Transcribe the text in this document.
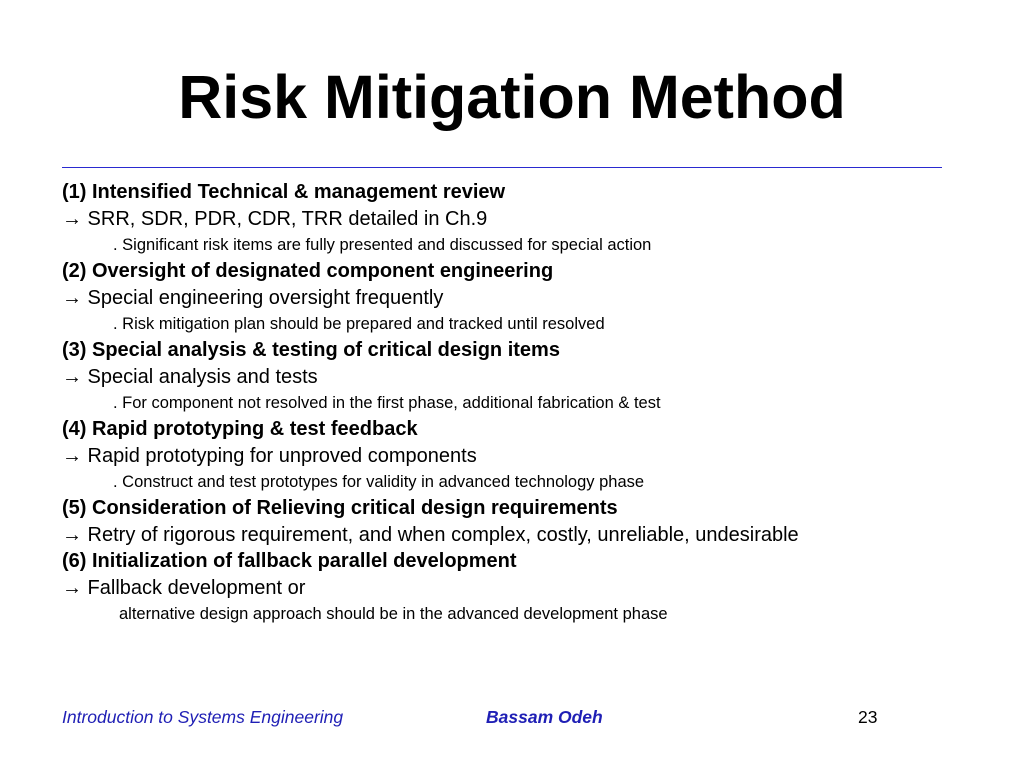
Risk Mitigation Method
(1) Intensified Technical & management review
→ SRR, SDR, PDR, CDR, TRR detailed in Ch.9
. Significant risk items are fully presented and discussed for special action
(2) Oversight of designated component engineering
→ Special engineering oversight frequently
. Risk mitigation plan should be prepared and tracked until resolved
(3) Special analysis & testing of critical design items
→ Special analysis and tests
. For component not resolved in the first phase, additional fabrication & test
(4) Rapid prototyping & test feedback
→ Rapid prototyping for unproved components
. Construct and test prototypes for validity in advanced technology phase
(5) Consideration of Relieving critical design requirements
→ Retry of rigorous requirement, and when complex, costly, unreliable, undesirable
(6) Initialization of fallback parallel development
→ Fallback development or
alternative design approach should be in the advanced development phase
Introduction to Systems Engineering	Bassam Odeh	23
